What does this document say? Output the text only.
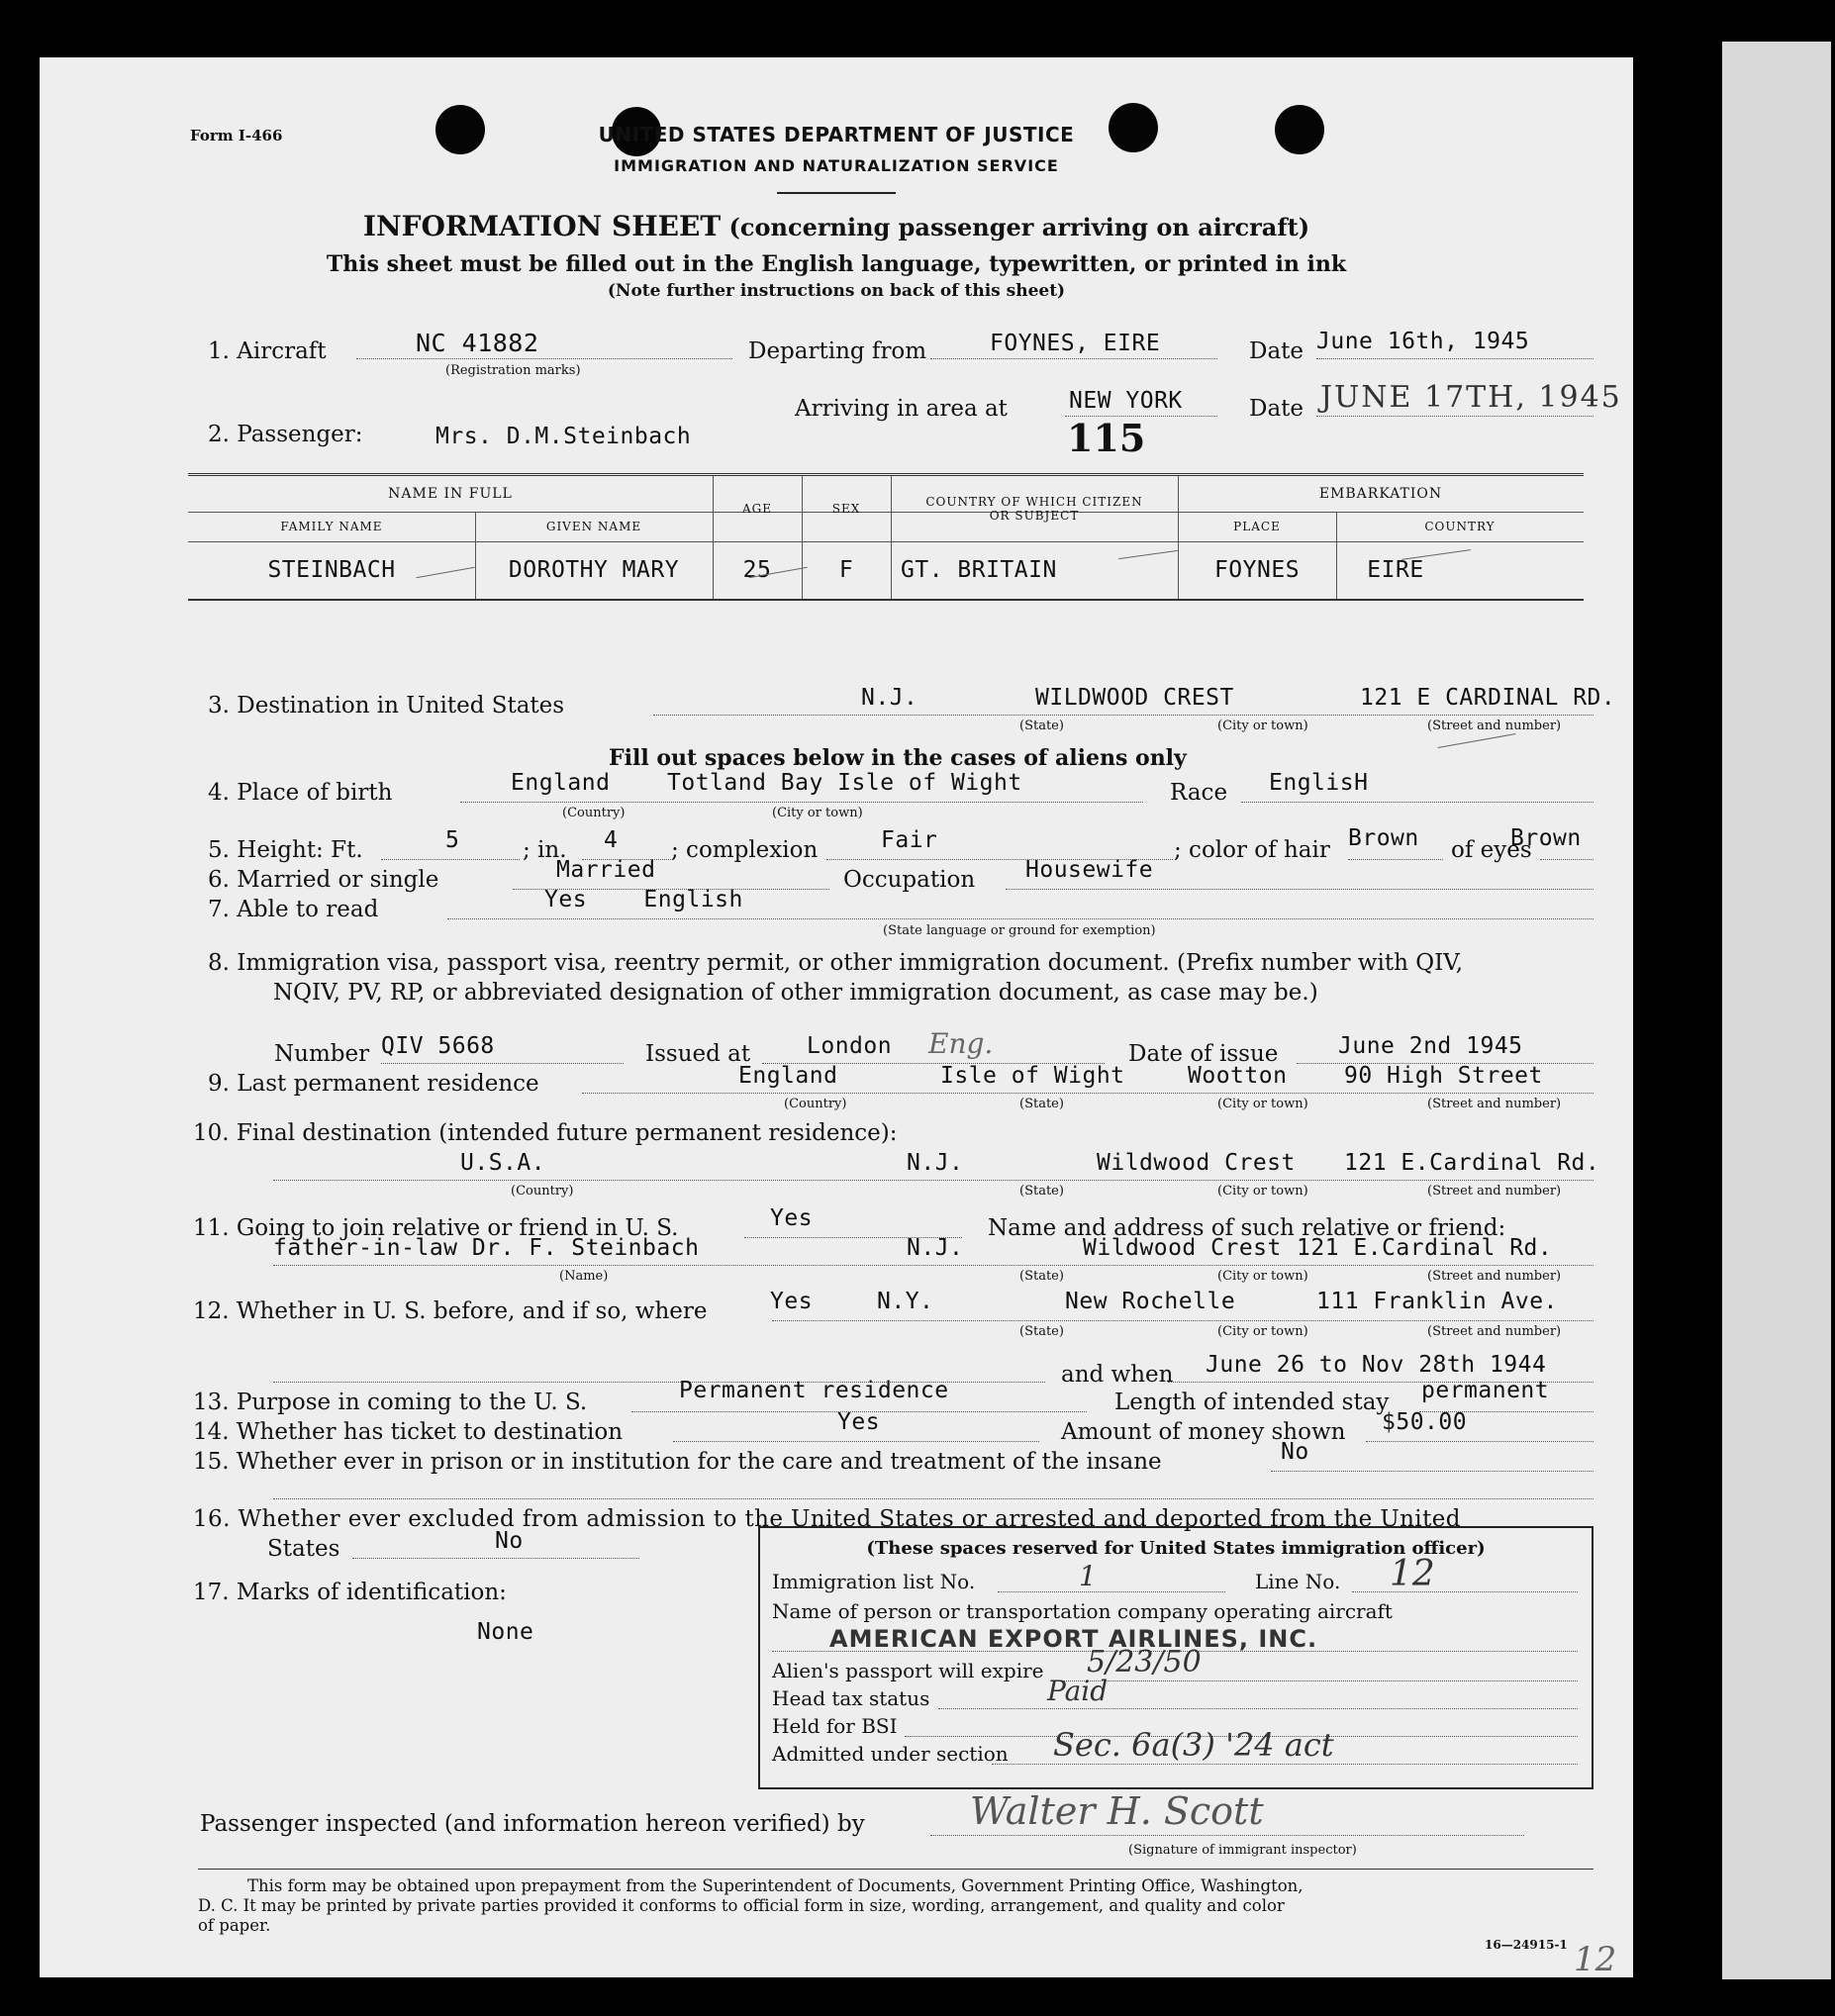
Form I-466	UNITED STATES DEPARTMENT OF JUSTICE
IMMIGRATION AND NATURALIZATION SERVICE
INFORMATION SHEET (concerning passenger arriving on aircraft)
This sheet must be filled out in the English language, typewritten, or printed in ink
(Note further instructions on back of this sheet)
1. Aircraft	NC 41882
(Registration marks)
Departing from	FOYNES, EIRE	Date June 16th, 1945
Arriving in area at	NEW YORK	Date JUNE 17TH, 1945
115
2. Passenger:	Mrs. D.M.Steinbach
NAME IN FULL
FAMILY NAME	GIVEN NAME
AGE	SEX	COUNTRY OF WHICH CITIZEN OR SUBJECT
EMBARKATION
PLACE	COUNTRY
STEINBACH	DOROTHY MARY	25	F	GT. BRITAIN	FOYNES	EIRE
3. Destination in United States	N.J.	WILDWOOD CREST	121 E CARDINAL RD.
(State)	(City or town)	(Street and number)
Fill out spaces below in the cases of aliens only
4. Place of birth	England	Totland Bay Isle of Wight
(Country)	(City or town)
Race EnglisH
5. Height: Ft.	5	; in. 4 ; complexion	Fair	; color of hair Brown of eyes
Brown
6. Married or single	Married	Occupation Housewife
7. Able to read	Yes    English
(State language or ground for exemption)
8. Immigration visa, passport visa, reentry permit, or other immigration document. (Prefix number with QIV,
NQIV, PV, RP, or abbreviated designation of other immigration document, as case may be.)
Number QIV 5668	Issued at London Eng.	Date of issue	June 2nd 1945
9. Last permanent residence	England	Isle of Wight	Wootton	90 High Street
(Country)	(State)	(City or town)	(Street and number)
10. Final destination (intended future permanent residence):
U.S.A.	N.J.	Wildwood Crest 121 E.Cardinal Rd.
(Country)	(State)	(City or town)	(Street and number)
11. Going to join relative or friend in U. S.	Yes	Name and address of such relative or friend:
father-in-law Dr. F. Steinbach	N.J.	Wildwood Crest 121 E.Cardinal Rd.
(Name)	(State)	(City or town)	(Street and number)
12. Whether in U. S. before, and if so, where	Yes	N.Y.	New Rochelle	111 Franklin Ave.
(State)	(City or town)	(Street and number)
and when June 26 to Nov 28th 1944
13. Purpose in coming to the U. S.	Permanent residence	Length of intended stay permanent
14. Whether has ticket to destination	Yes	Amount of money shown $50.00
15. Whether ever in prison or in institution for the care and treatment of the insane	No
16. Whether ever excluded from admission to the United States or arrested and deported from the United
States	No
17. Marks of identification:
None
(These spaces reserved for United States immigration officer)
Immigration list No.	1	Line No. 12
Name of person or transportation company operating aircraft
AMERICAN EXPORT AIRLINES, INC.
Alien's passport will expire 5/23/50
Head tax status	Paid
Held for BSI
Admitted under section Sec. 6a(3) '24 act
Passenger inspected (and information hereon verified) by	Walter H. Scott
(Signature of immigrant inspector)
This form may be obtained upon prepayment from the Superintendent of Documents, Government Printing Office, Washington,
D. C. It may be printed by private parties provided it conforms to official form in size, wording, arrangement, and quality and color
of paper.
16—24915-1 12
